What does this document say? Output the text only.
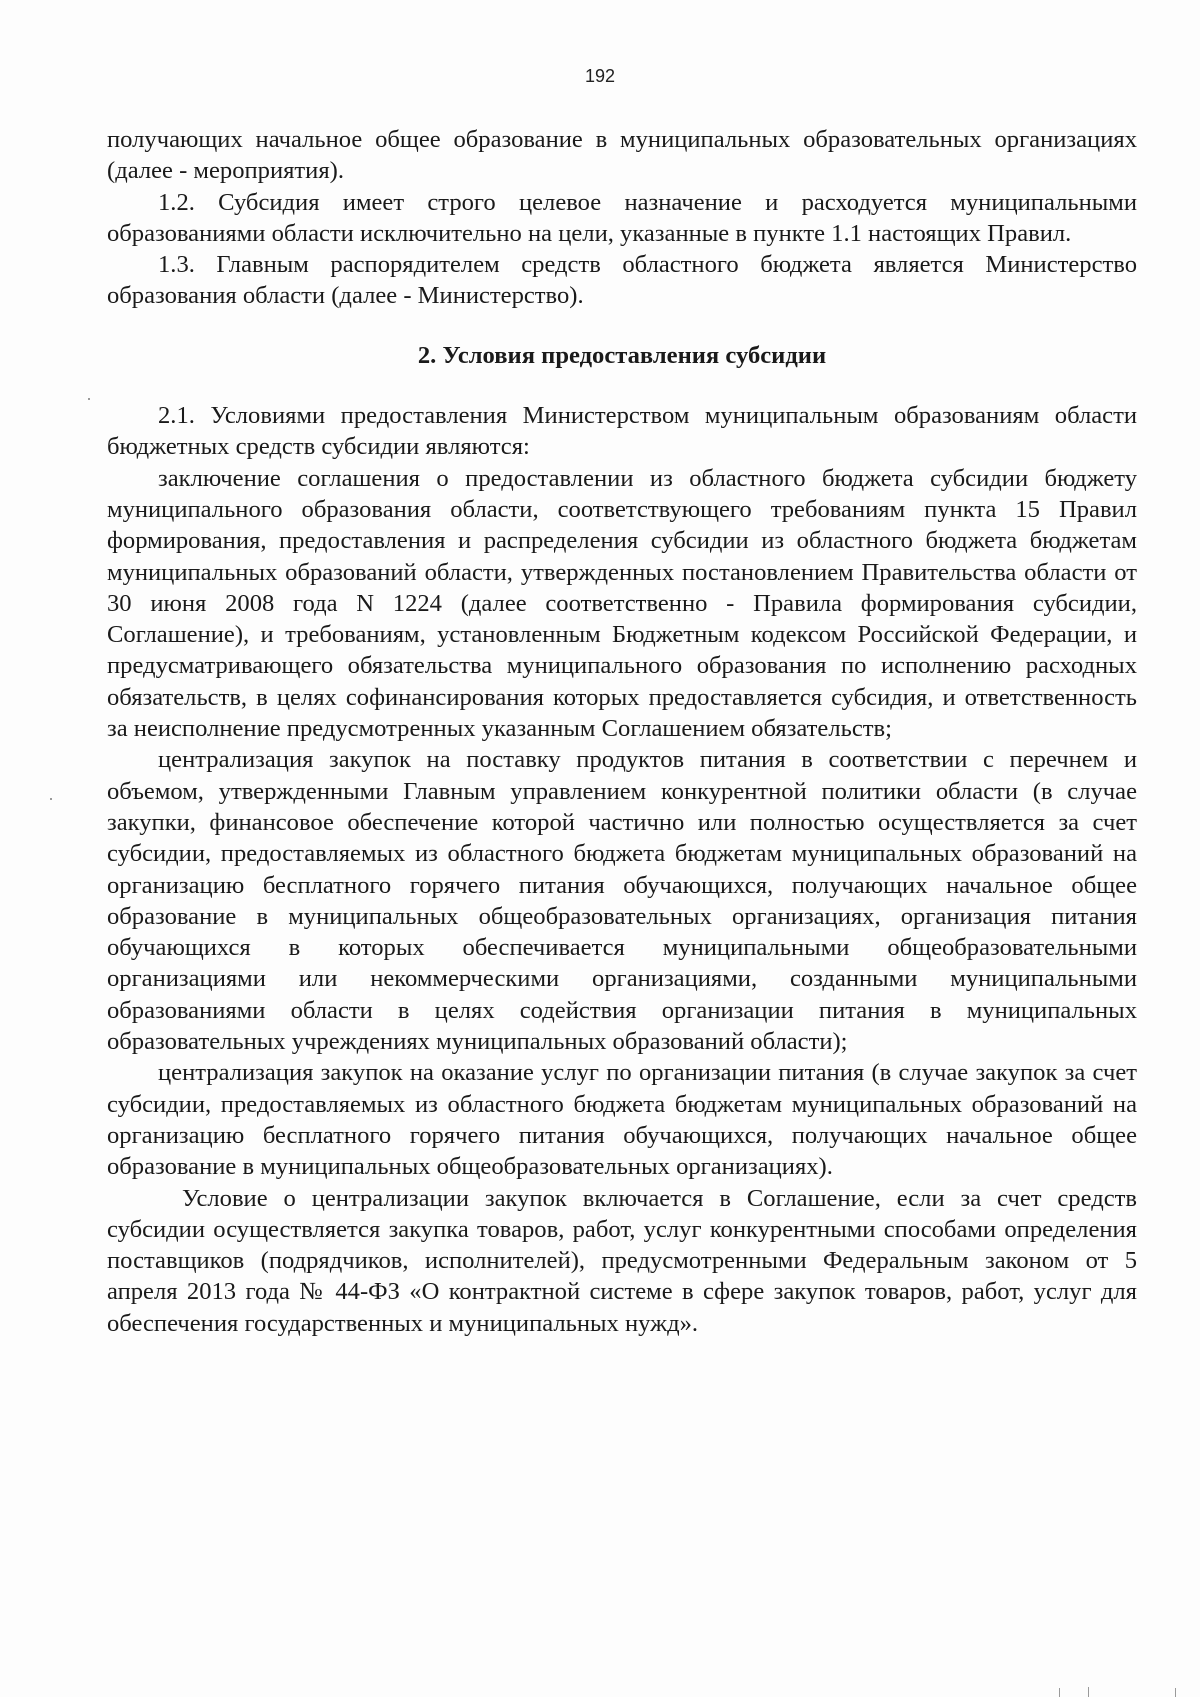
192

получающих начальное общее образование в муниципальных образовательных организациях (далее - мероприятия).

1.2. Субсидия имеет строго целевое назначение и расходуется муниципальными образованиями области исключительно на цели, указанные в пункте 1.1 настоящих Правил.

1.3. Главным распорядителем средств областного бюджета является Министерство образования области (далее - Министерство).

2. Условия предоставления субсидии

2.1. Условиями предоставления Министерством муниципальным образованиям области бюджетных средств субсидии являются:

заключение соглашения о предоставлении из областного бюджета субсидии бюджету муниципального образования области, соответствующего требованиям пункта 15 Правил формирования, предоставления и распределения субсидии из областного бюджета бюджетам муниципальных образований области, утвержденных постановлением Правительства области от 30 июня 2008 года N 1224 (далее соответственно - Правила формирования субсидии, Соглашение), и требованиям, установленным Бюджетным кодексом Российской Федерации, и предусматривающего обязательства муниципального образования по исполнению расходных обязательств, в целях софинансирования которых предоставляется субсидия, и ответственность за неисполнение предусмотренных указанным Соглашением обязательств;

централизация закупок на поставку продуктов питания в соответствии с перечнем и объемом, утвержденными Главным управлением конкурентной политики области (в случае закупки, финансовое обеспечение которой частично или полностью осуществляется за счет субсидии, предоставляемых из областного бюджета бюджетам муниципальных образований на организацию бесплатного горячего питания обучающихся, получающих начальное общее образование в муниципальных общеобразовательных организациях, организация питания обучающихся в которых обеспечивается муниципальными общеобразовательными организациями или некоммерческими организациями, созданными муниципальными образованиями области в целях содействия организации питания в муниципальных образовательных учреждениях муниципальных образований области);

централизация закупок на оказание услуг по организации питания (в случае закупок за счет субсидии, предоставляемых из областного бюджета бюджетам муниципальных образований на организацию бесплатного горячего питания обучающихся, получающих начальное общее образование в муниципальных общеобразовательных организациях).

Условие о централизации закупок включается в Соглашение, если за счет средств субсидии осуществляется закупка товаров, работ, услуг конкурентными способами определения поставщиков (подрядчиков, исполнителей), предусмотренными Федеральным законом от 5 апреля 2013 года № 44-ФЗ «О контрактной системе в сфере закупок товаров, работ, услуг для обеспечения государственных и муниципальных нужд».
